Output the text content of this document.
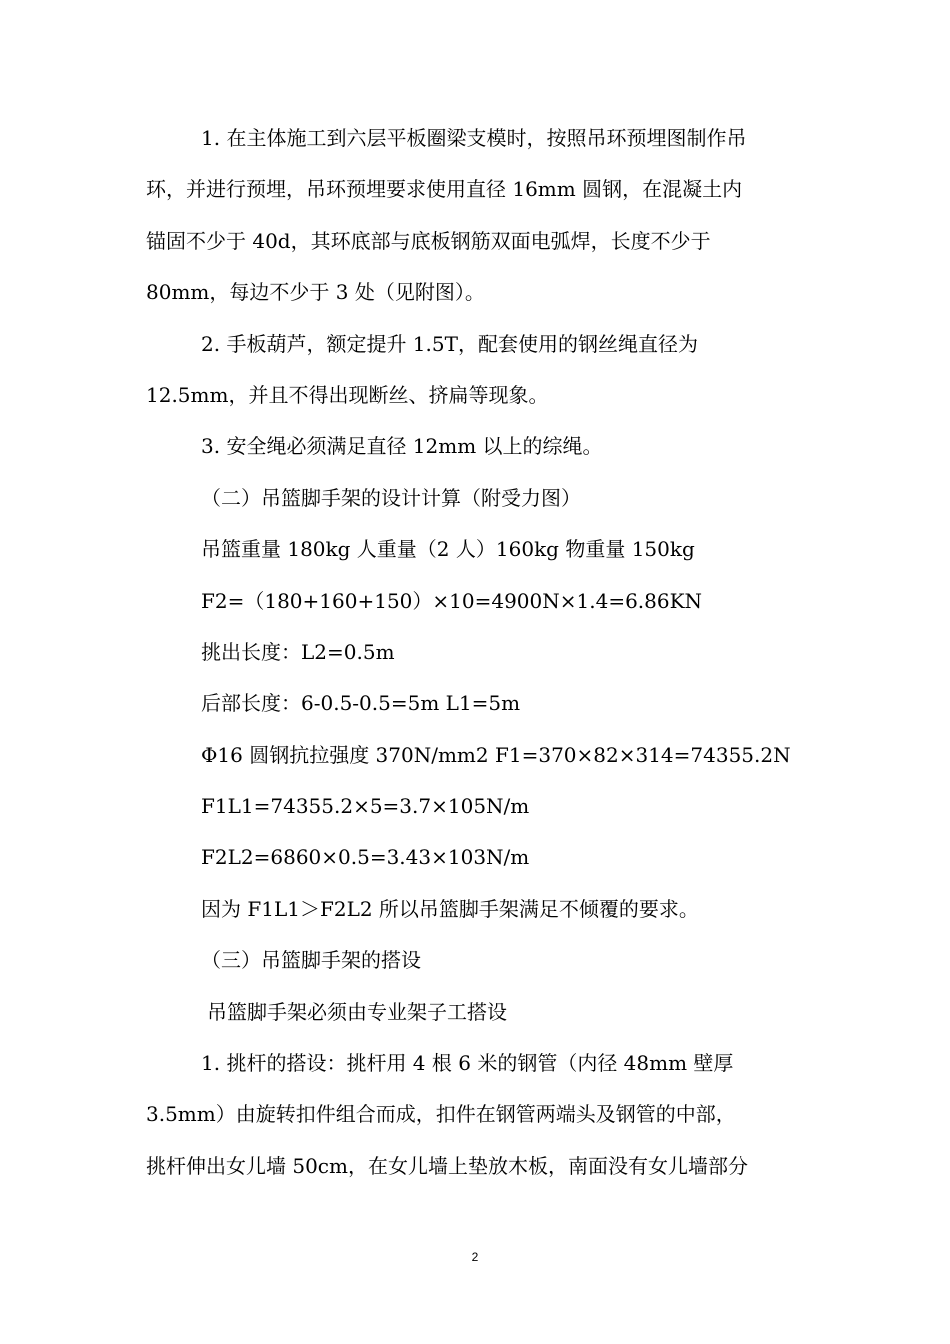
1. 在主体施工到六层平板圈梁支模时，按照吊环预埋图制作吊
环，并进行预埋，吊环预埋要求使用直径 16mm 圆钢，在混凝土内
锚固不少于 40d，其环底部与底板钢筋双面电弧焊，长度不少于
80mm，每边不少于 3 处（见附图）。
2. 手板葫芦，额定提升 1.5T，配套使用的钢丝绳直径为
12.5mm，并且不得出现断丝、挤扁等现象。
3. 安全绳必须满足直径 12mm 以上的综绳。
（二）吊篮脚手架的设计计算（附受力图）
吊篮重量 180kg 人重量（2 人）160kg 物重量 150kg
F2=（180+160+150）×10=4900N×1.4=6.86KN
挑出长度：L2=0.5m
后部长度：6-0.5-0.5=5m L1=5m
Φ16 圆钢抗拉强度 370N/mm2 F1=370×82×314=74355.2N
F1L1=74355.2×5=3.7×105N/m
F2L2=6860×0.5=3.43×103N/m
因为 F1L1＞F2L2 所以吊篮脚手架满足不倾覆的要求。
（三）吊篮脚手架的搭设
吊篮脚手架必须由专业架子工搭设
1. 挑杆的搭设：挑杆用 4 根 6 米的钢管（内径 48mm 壁厚
3.5mm）由旋转扣件组合而成，扣件在钢管两端头及钢管的中部，
挑杆伸出女儿墙 50cm，在女儿墙上垫放木板，南面没有女儿墙部分
2
